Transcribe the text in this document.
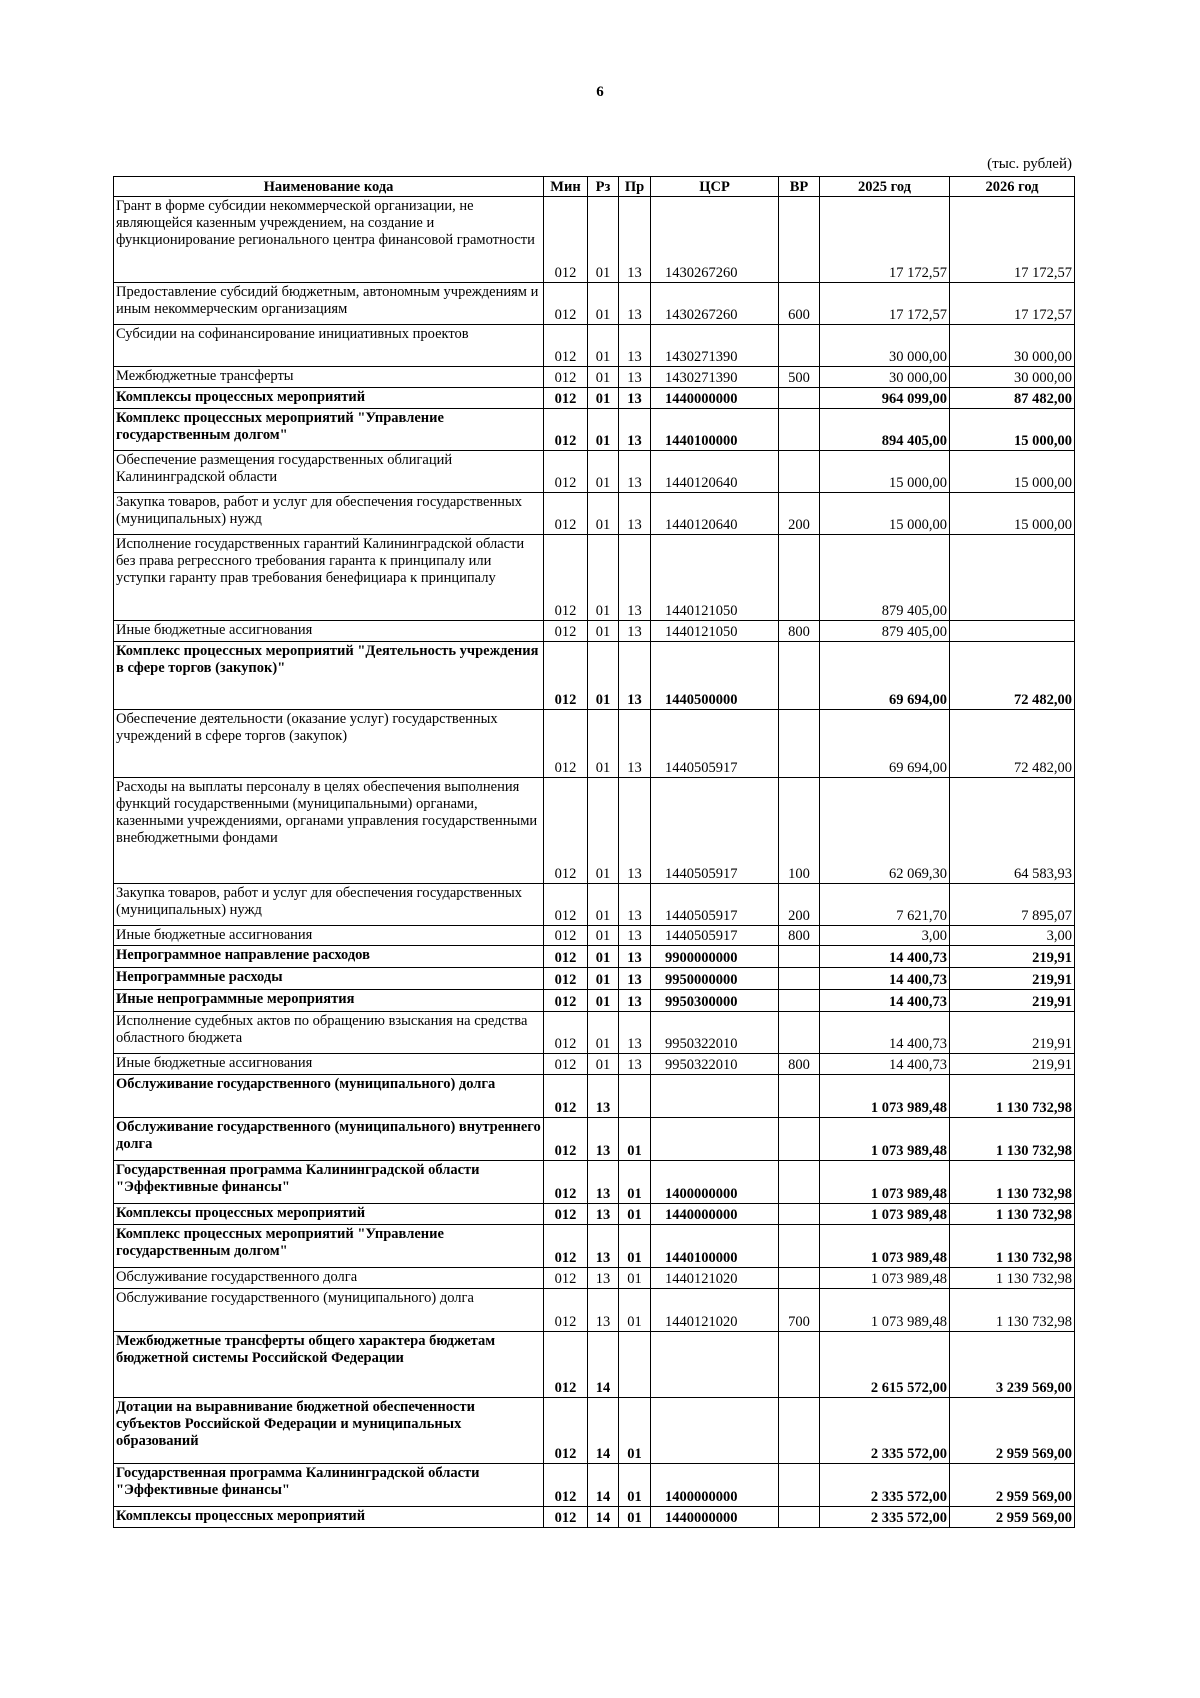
6
(тыс. рублей)
Наименование кода	Мин	Рз	Пр	ЦСР	ВР	2025 год	2026 год

Грант в форме субсидии некоммерческой организации, не являющейся казенным учреждением, на создание и функционирование регионального центра финансовой грамотности	012	01	13	1430267260		17 172,57	17 172,57

Предоставление субсидий бюджетным, автономным учреждениям и иным некоммерческим организациям	012	01	13	1430267260	600	17 172,57	17 172,57

Субсидии на софинансирование инициативных проектов	012	01	13	1430271390		30 000,00	30 000,00

Межбюджетные трансферты	012	01	13	1430271390	500	30 000,00	30 000,00

Комплексы процессных мероприятий	012	01	13	1440000000		964 099,00	87 482,00

Комплекс процессных мероприятий "Управление государственным долгом"	012	01	13	1440100000		894 405,00	15 000,00

Обеспечение размещения государственных облигаций Калининградской области	012	01	13	1440120640		15 000,00	15 000,00

Закупка товаров, работ и услуг для обеспечения государственных (муниципальных) нужд	012	01	13	1440120640	200	15 000,00	15 000,00

Исполнение государственных гарантий Калининградской области без права регрессного требования гаранта к принципалу или уступки гаранту прав требования бенефициара к принципалу	012	01	13	1440121050		879 405,00	

Иные бюджетные ассигнования	012	01	13	1440121050	800	879 405,00	

Комплекс процессных мероприятий "Деятельность учреждения в сфере торгов (закупок)"	012	01	13	1440500000		69 694,00	72 482,00

Обеспечение деятельности (оказание услуг) государственных учреждений в сфере торгов (закупок)	012	01	13	1440505917		69 694,00	72 482,00

Расходы на выплаты персоналу в целях обеспечения выполнения функций государственными (муниципальными) органами, казенными учреждениями, органами управления государственными внебюджетными фондами	012	01	13	1440505917	100	62 069,30	64 583,93

Закупка товаров, работ и услуг для обеспечения государственных (муниципальных) нужд	012	01	13	1440505917	200	7 621,70	7 895,07

Иные бюджетные ассигнования	012	01	13	1440505917	800	3,00	3,00

Непрограммное направление расходов	012	01	13	9900000000		14 400,73	219,91

Непрограммные расходы	012	01	13	9950000000		14 400,73	219,91

Иные непрограммные мероприятия	012	01	13	9950300000		14 400,73	219,91

Исполнение судебных актов по обращению взыскания на средства областного бюджета	012	01	13	9950322010		14 400,73	219,91

Иные бюджетные ассигнования	012	01	13	9950322010	800	14 400,73	219,91

Обслуживание государственного (муниципального) долга	012	13				1 073 989,48	1 130 732,98

Обслуживание государственного (муниципального) внутреннего долга	012	13	01			1 073 989,48	1 130 732,98

Государственная программа Калининградской области "Эффективные финансы"	012	13	01	1400000000		1 073 989,48	1 130 732,98

Комплексы процессных мероприятий	012	13	01	1440000000		1 073 989,48	1 130 732,98

Комплекс процессных мероприятий "Управление государственным долгом"	012	13	01	1440100000		1 073 989,48	1 130 732,98

Обслуживание государственного долга	012	13	01	1440121020		1 073 989,48	1 130 732,98

Обслуживание государственного (муниципального) долга	012	13	01	1440121020	700	1 073 989,48	1 130 732,98

Межбюджетные трансферты общего характера бюджетам бюджетной системы Российской Федерации	012	14				2 615 572,00	3 239 569,00

Дотации на выравнивание бюджетной обеспеченности субъектов Российской Федерации и муниципальных образований	012	14	01			2 335 572,00	2 959 569,00

Государственная программа Калининградской области "Эффективные финансы"	012	14	01	1400000000		2 335 572,00	2 959 569,00

Комплексы процессных мероприятий	012	14	01	1440000000		2 335 572,00	2 959 569,00
